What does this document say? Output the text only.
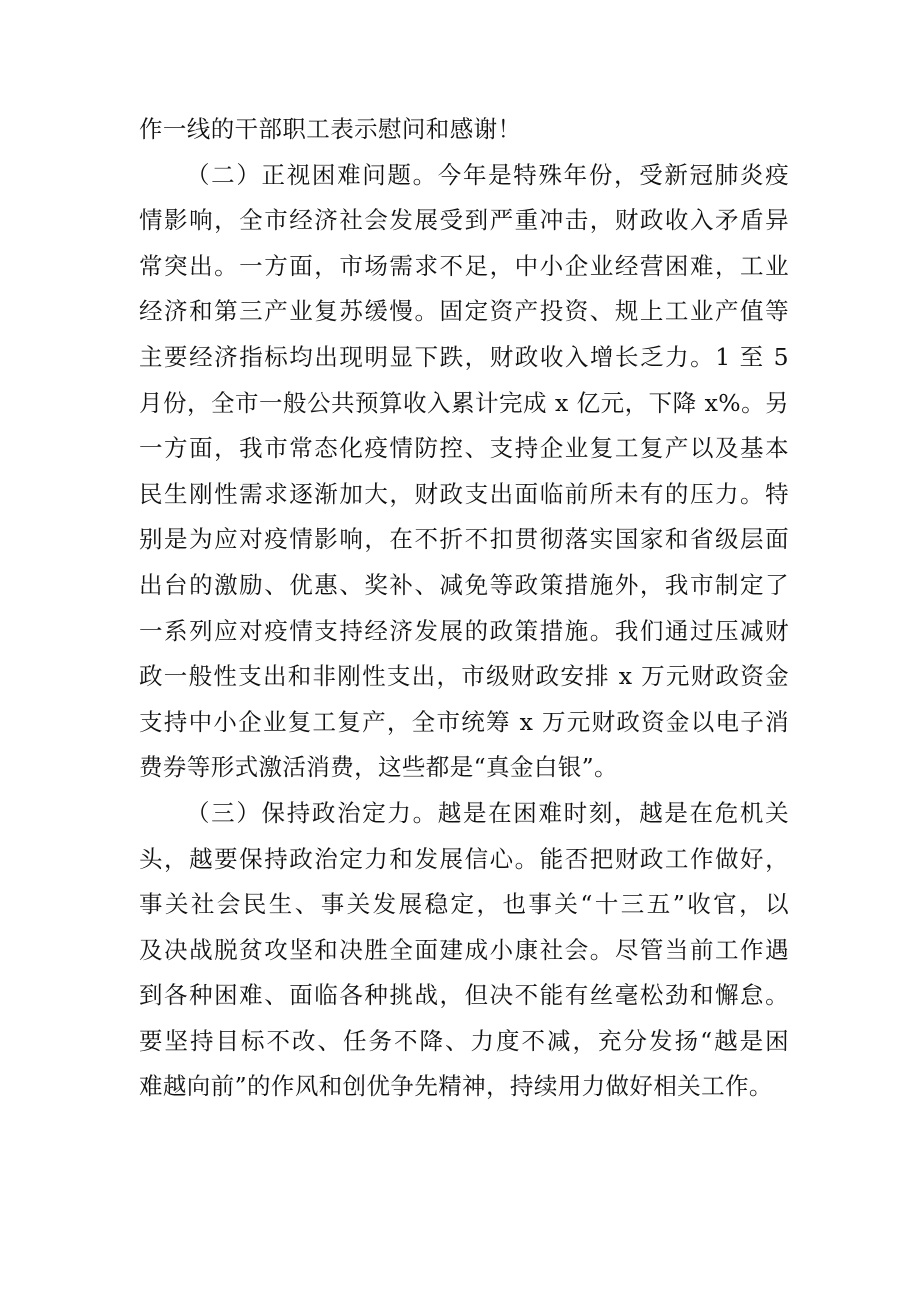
作一线的干部职工表示慰问和感谢！
（二）正视困难问题。今年是特殊年份，受新冠肺炎疫
情影响，全市经济社会发展受到严重冲击，财政收入矛盾异
常突出。一方面，市场需求不足，中小企业经营困难，工业
经济和第三产业复苏缓慢。固定资产投资、规上工业产值等
主要经济指标均出现明显下跌，财政收入增长乏力。1 至 5
月份，全市一般公共预算收入累计完成 x 亿元，下降 x%。另
一方面，我市常态化疫情防控、支持企业复工复产以及基本
民生刚性需求逐渐加大，财政支出面临前所未有的压力。特
别是为应对疫情影响，在不折不扣贯彻落实国家和省级层面
出台的激励、优惠、奖补、减免等政策措施外，我市制定了
一系列应对疫情支持经济发展的政策措施。我们通过压减财
政一般性支出和非刚性支出，市级财政安排 x 万元财政资金
支持中小企业复工复产，全市统筹 x 万元财政资金以电子消
费券等形式激活消费，这些都是“真金白银”。
（三）保持政治定力。越是在困难时刻，越是在危机关
头，越要保持政治定力和发展信心。能否把财政工作做好，
事关社会民生、事关发展稳定，也事关“十三五”收官，以
及决战脱贫攻坚和决胜全面建成小康社会。尽管当前工作遇
到各种困难、面临各种挑战，但决不能有丝毫松劲和懈怠。
要坚持目标不改、任务不降、力度不减，充分发扬“越是困
难越向前”的作风和创优争先精神，持续用力做好相关工作。
